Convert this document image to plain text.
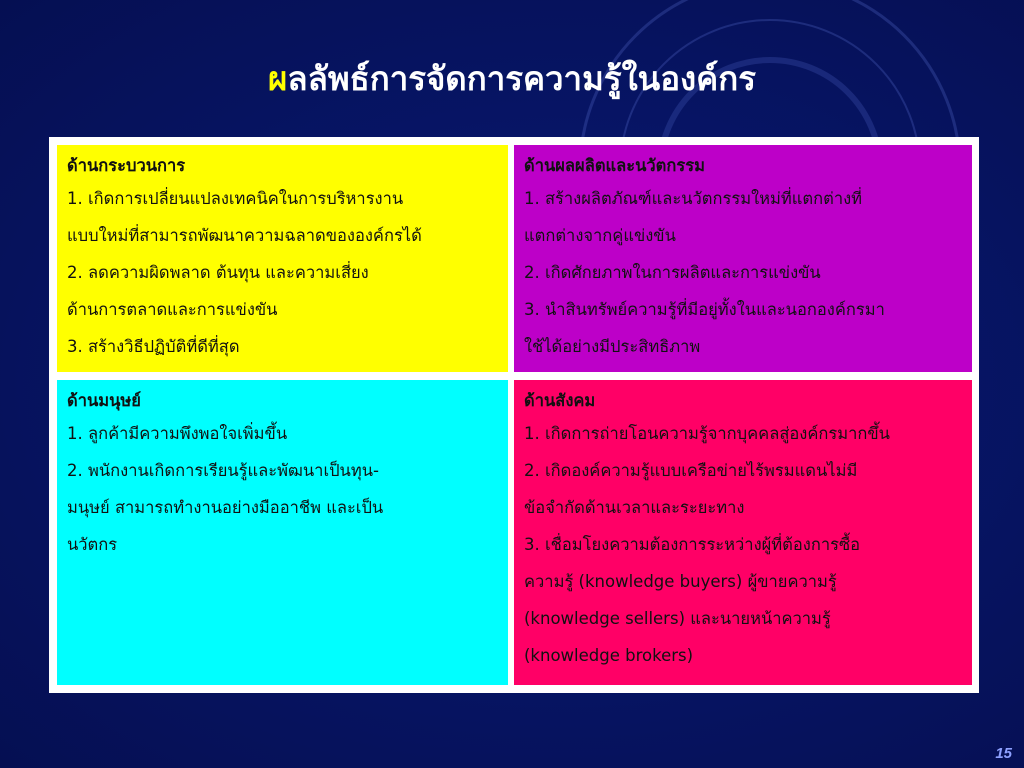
ผลลัพธ์การจัดการความรู้ในองค์กร
ด้านกระบวนการ
1. เกิดการเปลี่ยนแปลงเทคนิคในการบริหารงาน
แบบใหม่ที่สามารถพัฒนาความฉลาดขององค์กรได้
2. ลดความผิดพลาด ต้นทุน และความเสี่ยง
ด้านการตลาดและการแข่งขัน
3. สร้างวิธีปฏิบัติที่ดีที่สุด
ด้านผลผลิตและนวัตกรรม
1. สร้างผลิตภัณฑ์และนวัตกรรมใหม่ที่แตกต่างที่
แตกต่างจากคู่แข่งขัน
2. เกิดศักยภาพในการผลิตและการแข่งขัน
3. นำสินทรัพย์ความรู้ที่มีอยู่ทั้งในและนอกองค์กรมา
ใช้ได้อย่างมีประสิทธิภาพ
ด้านมนุษย์
1. ลูกค้ามีความพึงพอใจเพิ่มขึ้น
2. พนักงานเกิดการเรียนรู้และพัฒนาเป็นทุน-
มนุษย์ สามารถทำงานอย่างมืออาชีพ และเป็น
นวัตกร
ด้านสังคม
1. เกิดการถ่ายโอนความรู้จากบุคคลสู่องค์กรมากขึ้น
2. เกิดองค์ความรู้แบบเครือข่ายไร้พรมแดนไม่มี
ข้อจำกัดด้านเวลาและระยะทาง
3. เชื่อมโยงความต้องการระหว่างผู้ที่ต้องการซื้อ
ความรู้ (knowledge buyers) ผู้ขายความรู้
(knowledge sellers) และนายหน้าความรู้
(knowledge brokers)
15
